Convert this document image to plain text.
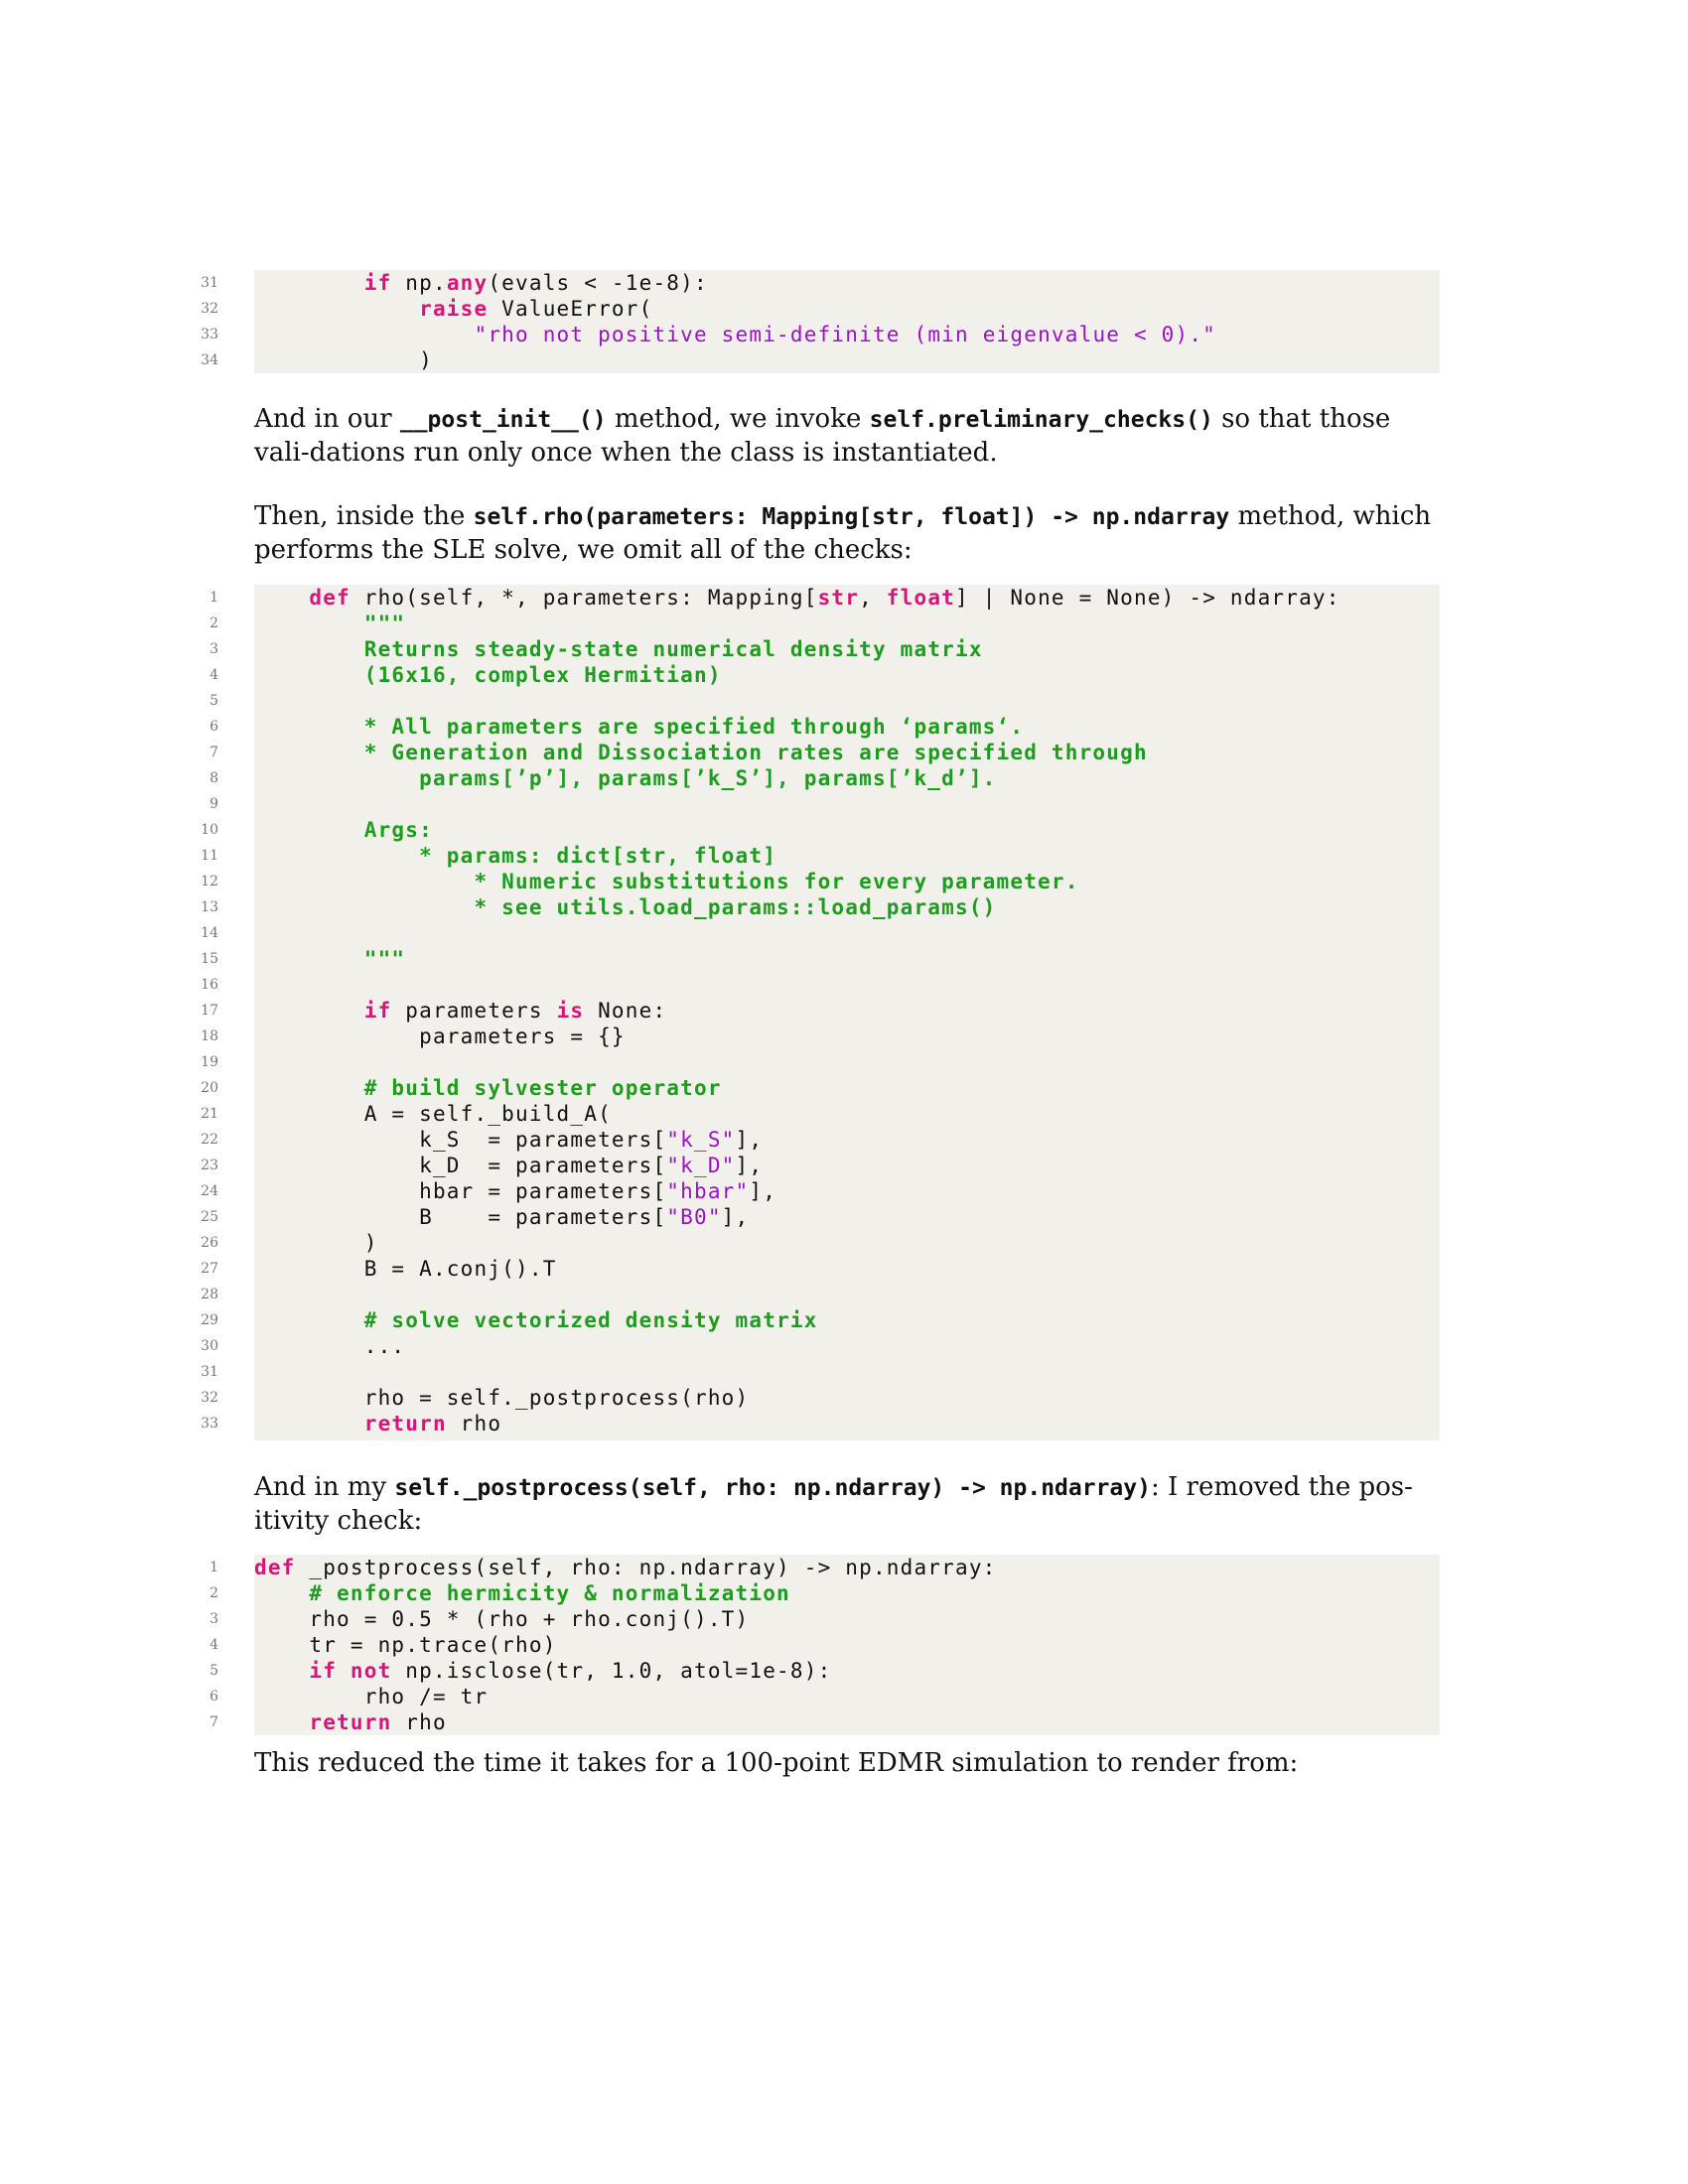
31	if np.any(evals < -1e-8):
32	raise ValueError(
33	"rho not positive semi-definite (min eigenvalue < 0)."
34 )
And in our __post_init__() method, we invoke self.preliminary_checks() so that those vali-dations run only once when the class is instantiated.
Then, inside the self.rho(parameters: Mapping[str, float]) -> np.ndarray method, which performs the SLE solve, we omit all of the checks:
1	def rho(self, *, parameters: Mapping[str, float] | None = None) -> ndarray:
2 """
3 Returns steady-state numerical density matrix
4 (16x16, complex Hermitian)
5
6 * All parameters are specified through ‘params‘.
7 * Generation and Dissociation rates are specified through
8 params[’p’], params[’k_S’], params[’k_d’].
9
10 Args:
11 * params: dict[str, float]
12 * Numeric substitutions for every parameter.
13 * see utils.load_params::load_params()
14
15 """
16
17	if parameters is None:
18 parameters = {}
19
20 # build sylvester operator
21 A = self._build_A(
22 k_S  = parameters["k_S"],
23 k_D  = parameters["k_D"],
24 hbar = parameters["hbar"],
25 B    = parameters["B0"],
26 )
27 B = A.conj().T
28
29 # solve vectorized density matrix
30 ...
31
32 rho = self._postprocess(rho)
33	return rho
And in my self._postprocess(self, rho: np.ndarray) -> np.ndarray): I removed the pos-itivity check:
1 def _postprocess(self, rho: np.ndarray) -> np.ndarray:
2 # enforce hermicity & normalization
3 rho = 0.5 * (rho + rho.conj().T)
4 tr = np.trace(rho)
5	if not np.isclose(tr, 1.0, atol=1e-8):
6 rho /= tr
7	return rho
This reduced the time it takes for a 100-point EDMR simulation to render from:
